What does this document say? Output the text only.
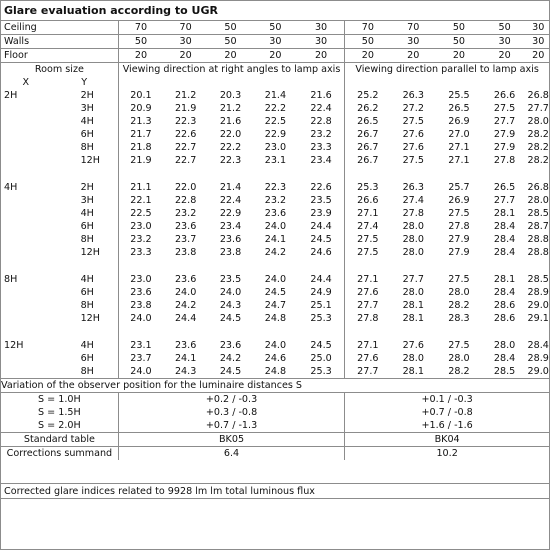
Glare evaluation according to UGR
Ceiling		70	70	50	50	30	70	70	50	50	30
Walls		50	30	50	30	30	50	30	50	30	30
Floor		20	20	20	20	20	20	20	20	20	20
Room size		Viewing direction at right angles to lamp axis					Viewing direction parallel to lamp axis				
X	Y										
2H	2H	20.1	21.2	20.3	21.4	21.6	25.2	26.3	25.5	26.6	26.8
	3H	20.9	21.9	21.2	22.2	22.4	26.2	27.2	26.5	27.5	27.7
	4H	21.3	22.3	21.6	22.5	22.8	26.5	27.5	26.9	27.7	28.0
	6H	21.7	22.6	22.0	22.9	23.2	26.7	27.6	27.0	27.9	28.2
	8H	21.8	22.7	22.2	23.0	23.3	26.7	27.6	27.1	27.9	28.2
	12H	21.9	22.7	22.3	23.1	23.4	26.7	27.5	27.1	27.8	28.2

4H	2H	21.1	22.0	21.4	22.3	22.6	25.3	26.3	25.7	26.5	26.8
	3H	22.1	22.8	22.4	23.2	23.5	26.6	27.4	26.9	27.7	28.0
	4H	22.5	23.2	22.9	23.6	23.9	27.1	27.8	27.5	28.1	28.5
	6H	23.0	23.6	23.4	24.0	24.4	27.4	28.0	27.8	28.4	28.7
	8H	23.2	23.7	23.6	24.1	24.5	27.5	28.0	27.9	28.4	28.8
	12H	23.3	23.8	23.8	24.2	24.6	27.5	28.0	27.9	28.4	28.8

8H	4H	23.0	23.6	23.5	24.0	24.4	27.1	27.7	27.5	28.1	28.5
	6H	23.6	24.0	24.0	24.5	24.9	27.6	28.0	28.0	28.4	28.9
	8H	23.8	24.2	24.3	24.7	25.1	27.7	28.1	28.2	28.6	29.0
	12H	24.0	24.4	24.5	24.8	25.3	27.8	28.1	28.3	28.6	29.1

12H	4H	23.1	23.6	23.6	24.0	24.5	27.1	27.6	27.5	28.0	28.4
	6H	23.7	24.1	24.2	24.6	25.0	27.6	28.0	28.0	28.4	28.9
	8H	24.0	24.3	24.5	24.8	25.3	27.7	28.1	28.2	28.5	29.0
Variation of the observer position for the luminaire distances S											
S = 1.0H		+0.2 / -0.3					+0.1 / -0.3				
S = 1.5H		+0.3 / -0.8					+0.7 / -0.8				
S = 2.0H		+0.7 / -1.3					+1.6 / -1.6				
Standard table		BK05					BK04				
Corrections summand		6.4					10.2				
Corrected glare indices related to 9928 lm lm total luminous flux
